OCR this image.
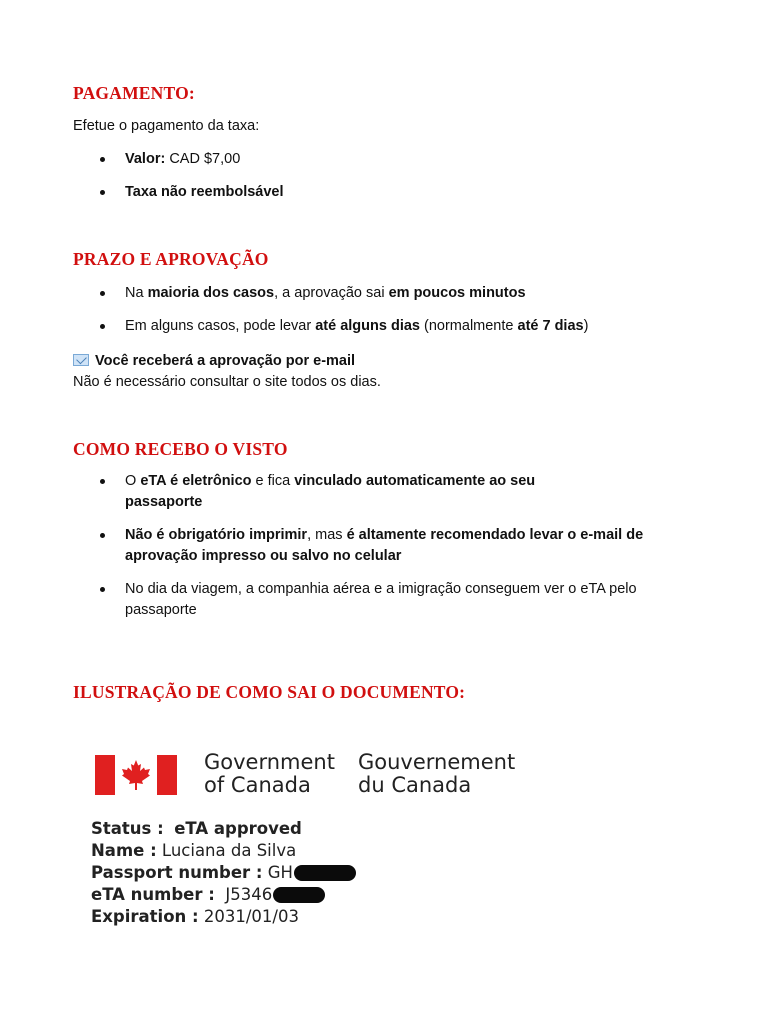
PAGAMENTO:

Efetue o pagamento da taxa:

Valor: CAD $7,00
Taxa não reembolsável
PRAZO E APROVAÇÃO
Na maioria dos casos, a aprovação sai em poucos minutos
Em alguns casos, pode levar até alguns dias (normalmente até 7 dias)

Você receberá a aprovação por e-mail

Não é necessário consultar o site todos os dias.

COMO RECEBO O VISTO
O eTA é eletrônico e fica vinculado automaticamente ao seu passaporte
Não é obrigatório imprimir, mas é altamente recomendado levar o e-mail de aprovação impresso ou salvo no celular
No dia da viagem, a companhia aérea e a imigração conseguem ver o eTA pelo passaporte
ILUSTRAÇÃO DE COMO SAI O DOCUMENTO:
Government
of Canada
Gouvernement
du Canada

Status : eTA approved

Name : Luciana da Silva

Passport number : GH

eTA number : J5346

Expiration : 2031/01/03
